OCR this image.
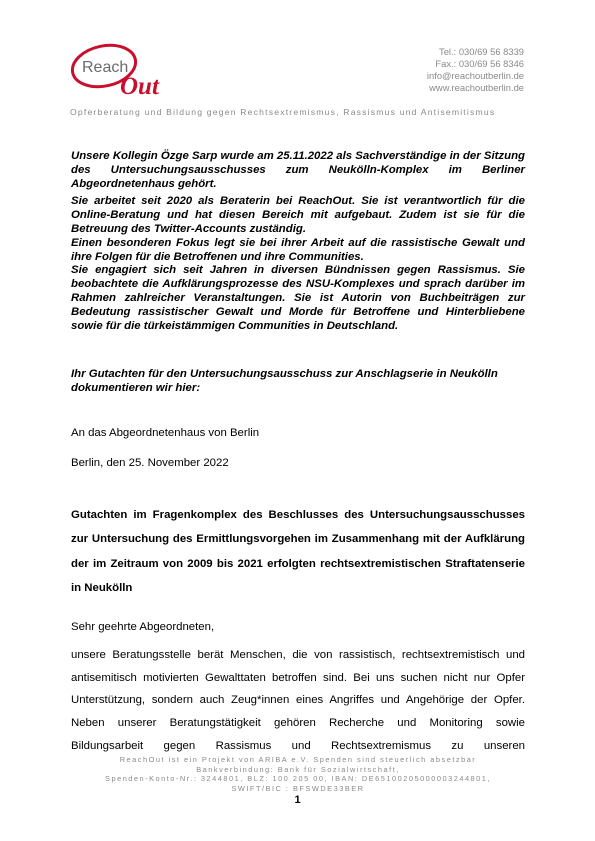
Reach
Out
Tel.: 030/69 56 8339
Fax.: 030/69 56 8346
info@reachoutberlin.de
www.reachoutberlin.de
Opferberatung und Bildung gegen Rechtsextremismus, Rassismus und Antisemitismus

Unsere Kollegin Özge Sarp wurde am 25.11.2022 als Sachverständige in der Sitzung des Untersuchungsausschusses zum Neukölln-Komplex im Berliner Abgeordnetenhaus gehört.

Sie arbeitet seit 2020 als Beraterin bei ReachOut. Sie ist verantwortlich für die Online-Beratung und hat diesen Bereich mit aufgebaut. Zudem ist sie für die Betreuung des Twitter-Accounts zuständig.

Einen besonderen Fokus legt sie bei ihrer Arbeit auf die rassistische Gewalt und ihre Folgen für die Betroffenen und ihre Communities.

Sie engagiert sich seit Jahren in diversen Bündnissen gegen Rassismus. Sie beobachtete die Aufklärungsprozesse des NSU-Komplexes und sprach darüber im Rahmen zahlreicher Veranstaltungen. Sie ist Autorin von Buchbeiträgen zur Bedeutung rassistischer Gewalt und Morde für Betroffene und Hinterbliebene sowie für die türkeistämmigen Communities in Deutschland.

Ihr Gutachten für den Untersuchungsausschuss zur Anschlagserie in Neukölln dokumentieren wir hier:
An das Abgeordnetenhaus von Berlin
Berlin, den 25. November 2022
Gutachten im Fragenkomplex des Beschlusses des Untersuchungsausschusses zur Untersuchung des Ermittlungsvorgehen im Zusammenhang mit der Aufklärung der im Zeitraum von 2009 bis 2021 erfolgten rechtsextremistischen Straftatenserie in Neukölln
Sehr geehrte Abgeordneten,
unsere Beratungsstelle berät Menschen, die von rassistisch, rechtsextremistisch und antisemitisch motivierten Gewalttaten betroffen sind. Bei uns suchen nicht nur Opfer Unterstützung, sondern auch Zeug*innen eines Angriffes und Angehörige der Opfer. Neben unserer Beratungstätigkeit gehören Recherche und Monitoring sowie Bildungsarbeit gegen Rassismus und Rechtsextremismus zu unseren
ReachOut ist ein Projekt von ARIBA e.V. Spenden sind steuerlich absetzbar
Bankverbindung: Bank für Sozialwirtschaft,
Spenden-Konto-Nr.: 3244801, BLZ: 100 205 00, IBAN: DE65100205000003244801,
SWIFT/BIC : BFSWDE33BER
1
